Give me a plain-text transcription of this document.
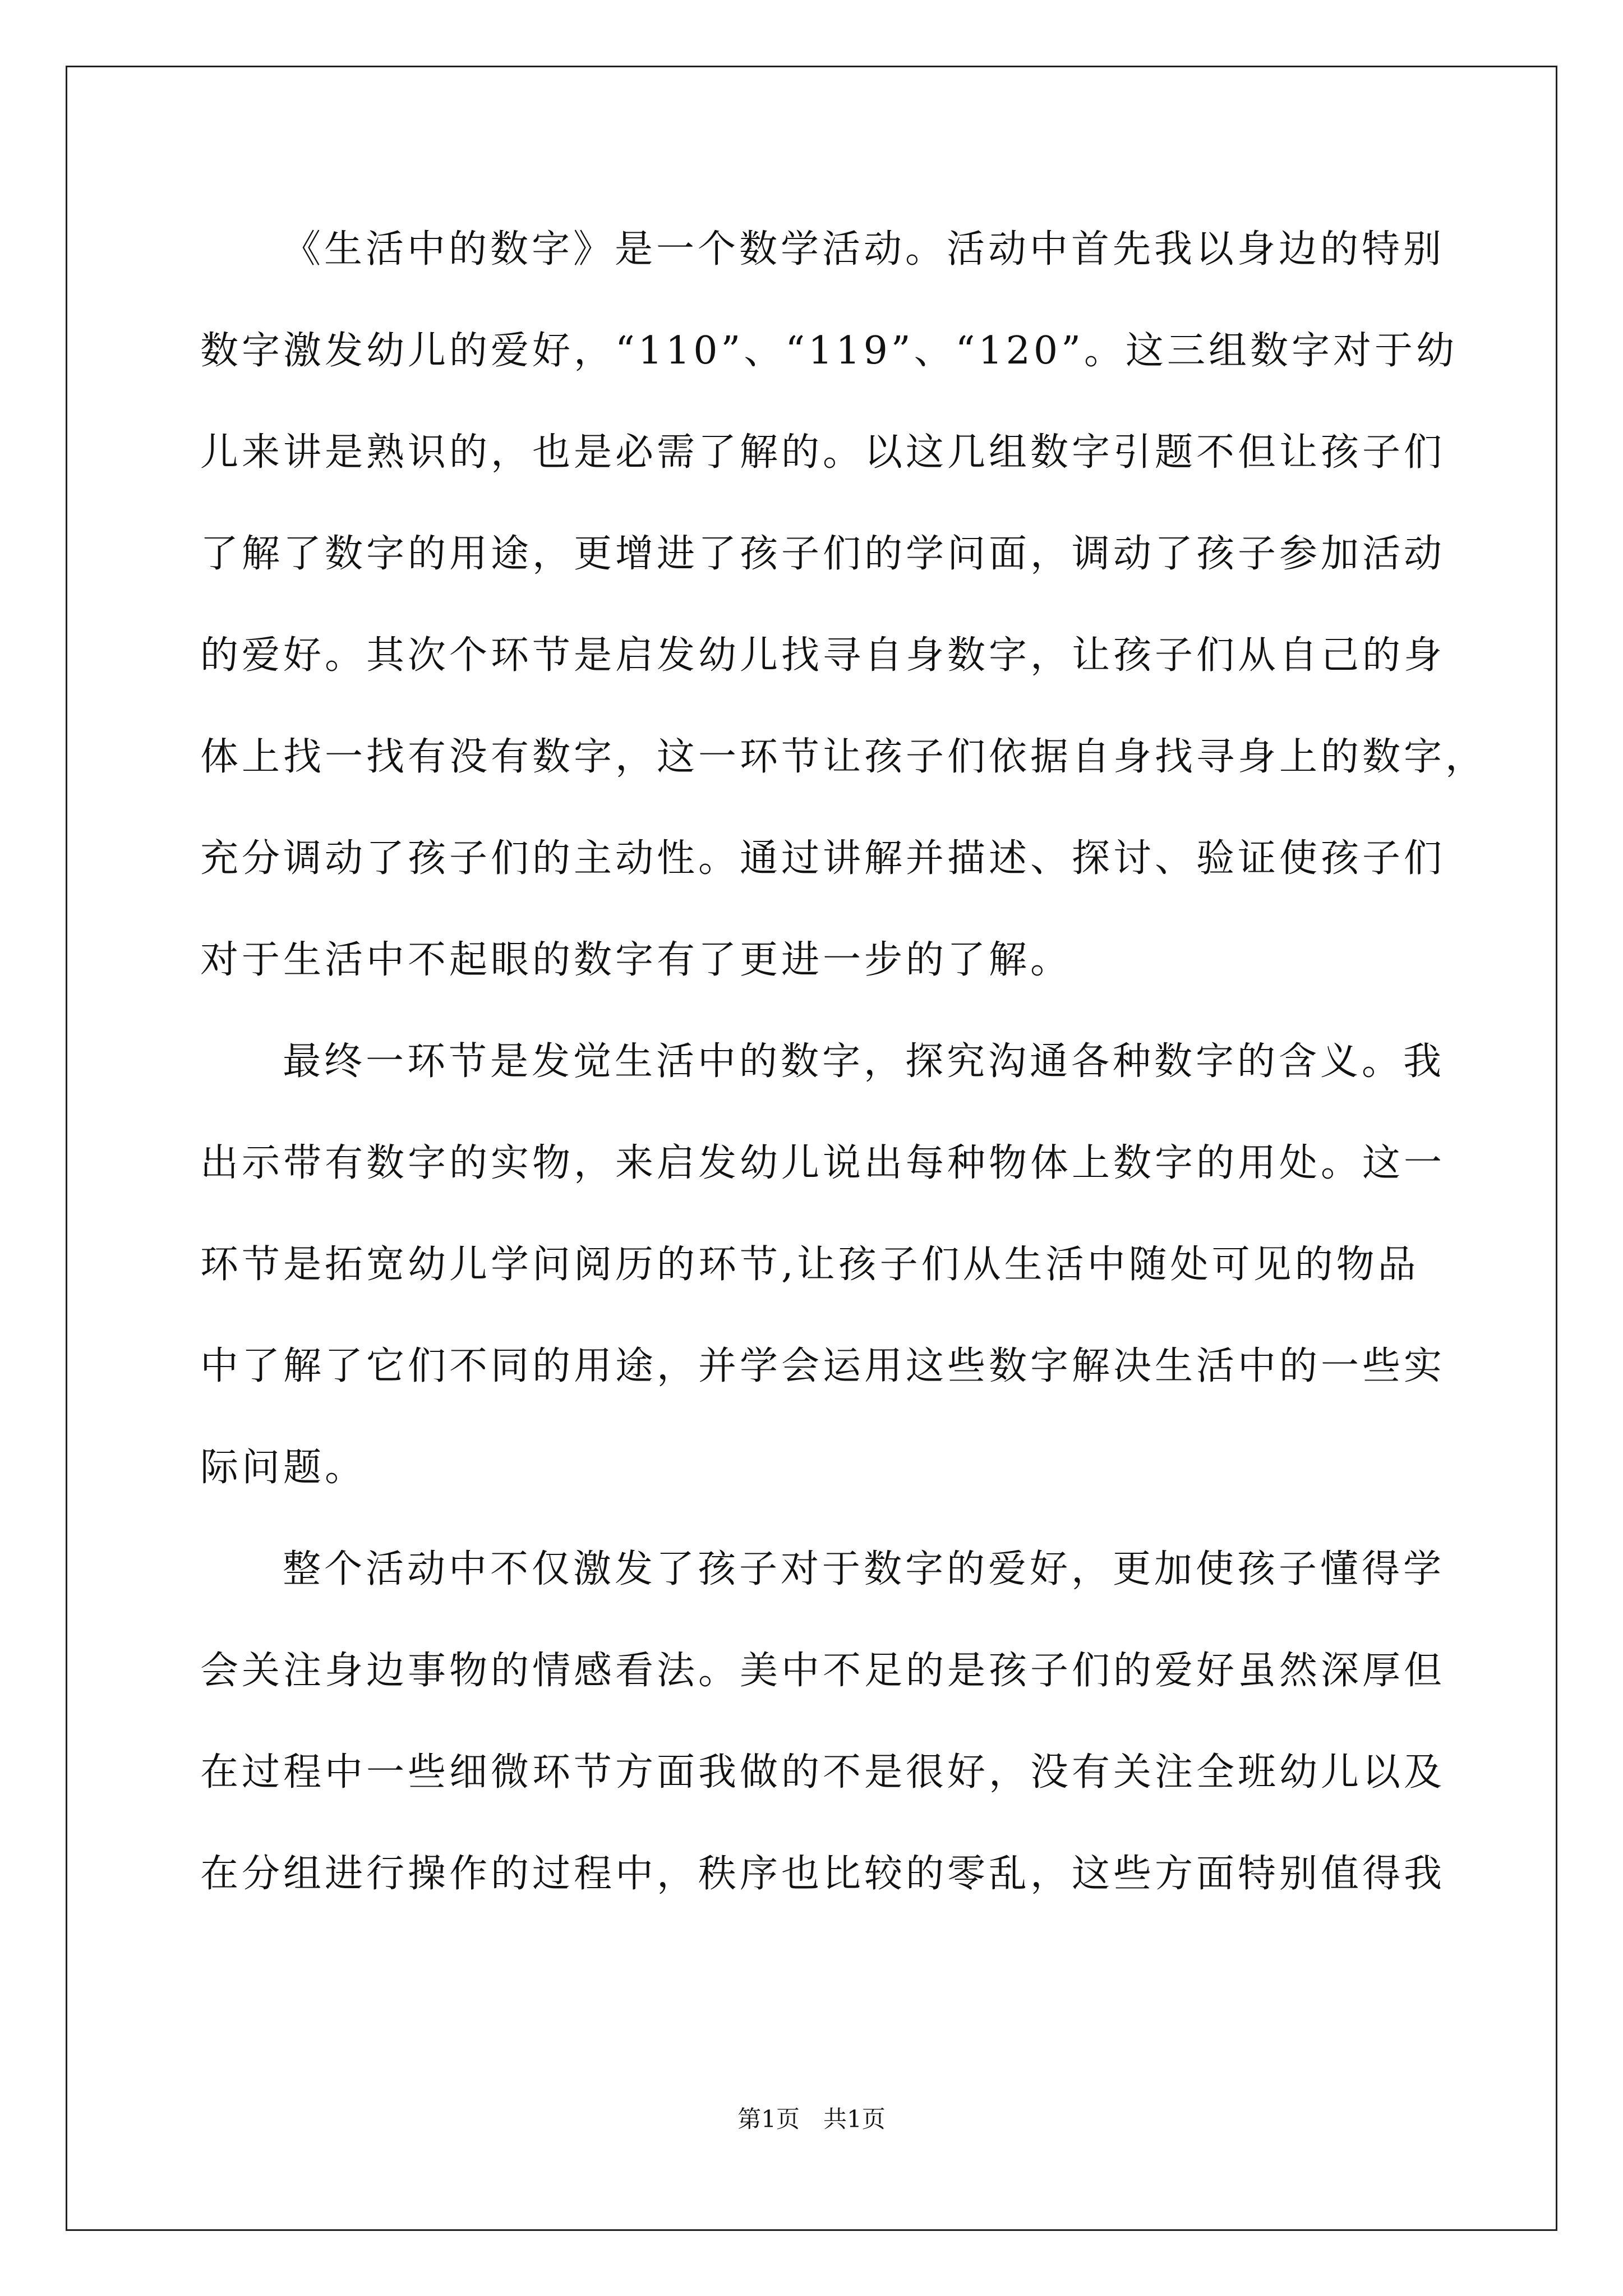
《生活中的数字》是一个数学活动。活动中首先我以身边的特别
数字激发幼儿的爱好，“110”、“119”、“120”。这三组数字对于幼
儿来讲是熟识的，也是必需了解的。以这几组数字引题不但让孩子们
了解了数字的用途，更增进了孩子们的学问面，调动了孩子参加活动
的爱好。其次个环节是启发幼儿找寻自身数字，让孩子们从自己的身
体上找一找有没有数字，这一环节让孩子们依据自身找寻身上的数字，
充分调动了孩子们的主动性。通过讲解并描述、探讨、验证使孩子们
对于生活中不起眼的数字有了更进一步的了解。
最终一环节是发觉生活中的数字，探究沟通各种数字的含义。我
出示带有数字的实物，来启发幼儿说出每种物体上数字的用处。这一
环节是拓宽幼儿学问阅历的环节,让孩子们从生活中随处可见的物品
中了解了它们不同的用途，并学会运用这些数字解决生活中的一些实
际问题。
整个活动中不仅激发了孩子对于数字的爱好，更加使孩子懂得学
会关注身边事物的情感看法。美中不足的是孩子们的爱好虽然深厚但
在过程中一些细微环节方面我做的不是很好，没有关注全班幼儿以及
在分组进行操作的过程中，秩序也比较的零乱，这些方面特别值得我
第1页 共1页
